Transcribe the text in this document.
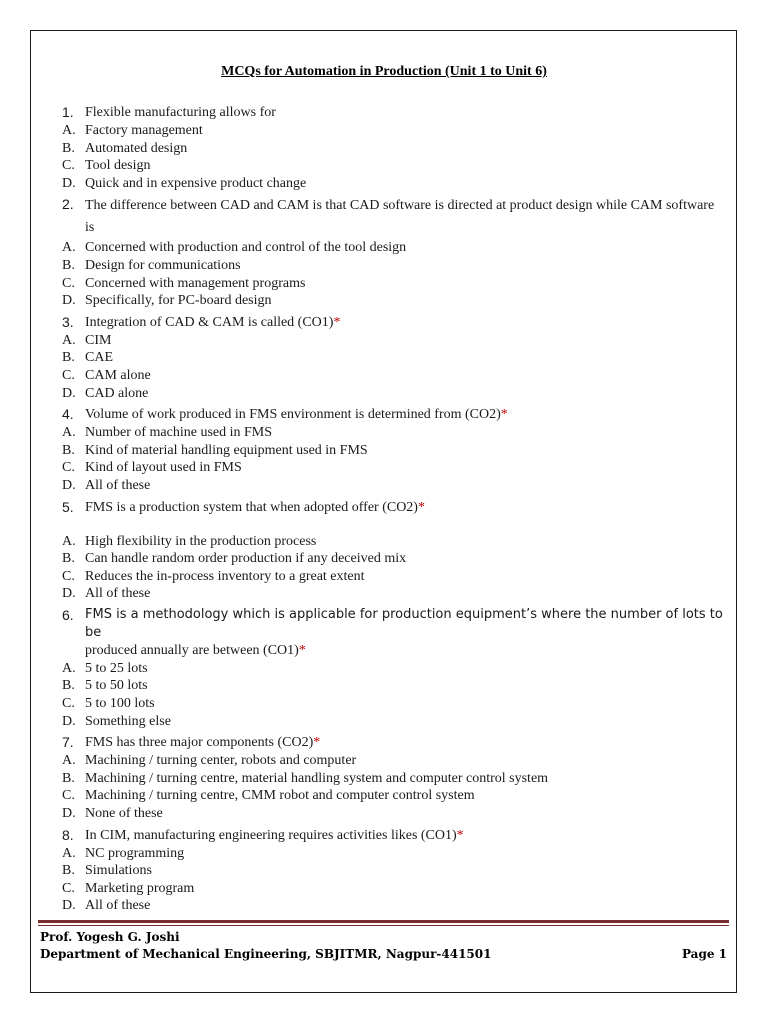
MCQs for Automation in Production (Unit 1 to Unit 6)
1. Flexible manufacturing allows for
A. Factory management
B. Automated design
C. Tool design
D. Quick and in expensive product change
2. The difference between CAD and CAM is that CAD software is directed at product design while CAM software is
A. Concerned with production and control of the tool design
B. Design for communications
C. Concerned with management programs
D. Specifically, for PC-board design
3. Integration of CAD & CAM is called (CO1)*
A. CIM
B. CAE
C. CAM alone
D. CAD alone
4. Volume of work produced in FMS environment is determined from (CO2)*
A. Number of machine used in FMS
B. Kind of material handling equipment used in FMS
C. Kind of layout used in FMS
D. All of these
5. FMS is a production system that when adopted offer (CO2)*
A. High flexibility in the production process
B. Can handle random order production if any deceived mix
C. Reduces the in-process inventory to a great extent
D. All of these
6. FMS is a methodology which is applicable for production equipment’s where the number of lots to be
produced annually are between (CO1)*
A. 5 to 25 lots
B. 5 to 50 lots
C. 5 to 100 lots
D. Something else
7. FMS has three major components (CO2)*
A. Machining / turning center, robots and computer
B. Machining / turning centre, material handling system and computer control system
C. Machining / turning centre, CMM robot and computer control system
D. None of these
8. In CIM, manufacturing engineering requires activities likes (CO1)*
A. NC programming
B. Simulations
C. Marketing program
D. All of these
Prof. Yogesh G. Joshi
Department of Mechanical Engineering, SBJITMR, Nagpur-441501	Page 1
